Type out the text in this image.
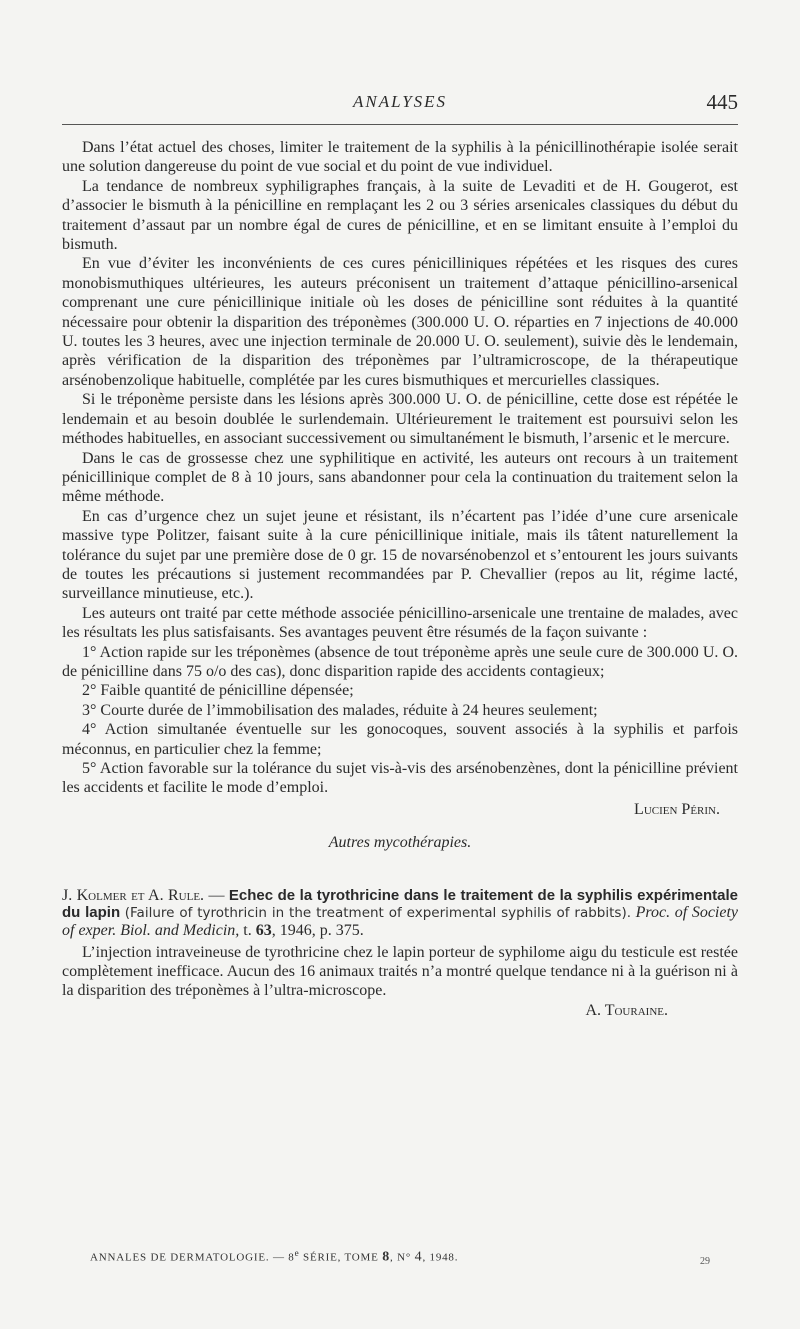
ANALYSES	445

Dans l’état actuel des choses, limiter le traitement de la syphilis à la pénicillinothérapie isolée serait une solution dangereuse du point de vue social et du point de vue individuel.

La tendance de nombreux syphiligraphes français, à la suite de Levaditi et de H. Gougerot, est d’associer le bismuth à la pénicilline en remplaçant les 2 ou 3 séries arsenicales classiques du début du traitement d’assaut par un nombre égal de cures de pénicilline, et en se limitant ensuite à l’emploi du bismuth.

En vue d’éviter les inconvénients de ces cures pénicilliniques répétées et les risques des cures monobismuthiques ultérieures, les auteurs préconisent un traitement d’attaque pénicillino-arsenical comprenant une cure pénicillinique initiale où les doses de pénicilline sont réduites à la quantité nécessaire pour obtenir la disparition des tréponèmes (300.000 U. O. réparties en 7 injections de 40.000 U. toutes les 3 heures, avec une injection terminale de 20.000 U. O. seulement), suivie dès le lendemain, après vérification de la disparition des tréponèmes par l’ultramicroscope, de la thérapeutique arsénobenzolique habituelle, complétée par les cures bismuthiques et mercurielles classiques.

Si le tréponème persiste dans les lésions après 300.000 U. O. de pénicilline, cette dose est répétée le lendemain et au besoin doublée le surlendemain. Ultérieurement le traitement est poursuivi selon les méthodes habituelles, en associant successivement ou simultanément le bismuth, l’arsenic et le mercure.

Dans le cas de grossesse chez une syphilitique en activité, les auteurs ont recours à un traitement pénicillinique complet de 8 à 10 jours, sans abandonner pour cela la continuation du traitement selon la même méthode.

En cas d’urgence chez un sujet jeune et résistant, ils n’écartent pas l’idée d’une cure arsenicale massive type Politzer, faisant suite à la cure pénicillinique initiale, mais ils tâtent naturellement la tolérance du sujet par une première dose de 0 gr. 15 de novarsénobenzol et s’entourent les jours suivants de toutes les précautions si justement recommandées par P. Chevallier (repos au lit, régime lacté, surveillance minutieuse, etc.).

Les auteurs ont traité par cette méthode associée pénicillino-arsenicale une trentaine de malades, avec les résultats les plus satisfaisants. Ses avantages peuvent être résumés de la façon suivante :

1° Action rapide sur les tréponèmes (absence de tout tréponème après une seule cure de 300.000 U. O. de pénicilline dans 75 o/o des cas), donc disparition rapide des accidents contagieux;

2° Faible quantité de pénicilline dépensée;

3° Courte durée de l’immobilisation des malades, réduite à 24 heures seulement;

4° Action simultanée éventuelle sur les gonocoques, souvent associés à la syphilis et parfois méconnus, en particulier chez la femme;

5° Action favorable sur la tolérance du sujet vis-à-vis des arsénobenzènes, dont la pénicilline prévient les accidents et facilite le mode d’emploi.

Lucien Périn.
Autres mycothérapies.

J. Kolmer et A. Rule. — Echec de la tyrothricine dans le traitement de la syphilis expérimentale du lapin (Failure of tyrothricin in the treatment of experimental syphilis of rabbits). Proc. of Society of exper. Biol. and Medicin, t. 63, 1946, p. 375.

L’injection intraveineuse de tyrothricine chez le lapin porteur de syphilome aigu du testicule est restée complètement inefficace. Aucun des 16 animaux traités n’a montré quelque tendance ni à la guérison ni à la disparition des tréponèmes à l’ultra-microscope.

A. Touraine.
ANNALES DE DERMATOLOGIE. — 8e SÉRIE, TOME 8, N° 4, 1948.	29
